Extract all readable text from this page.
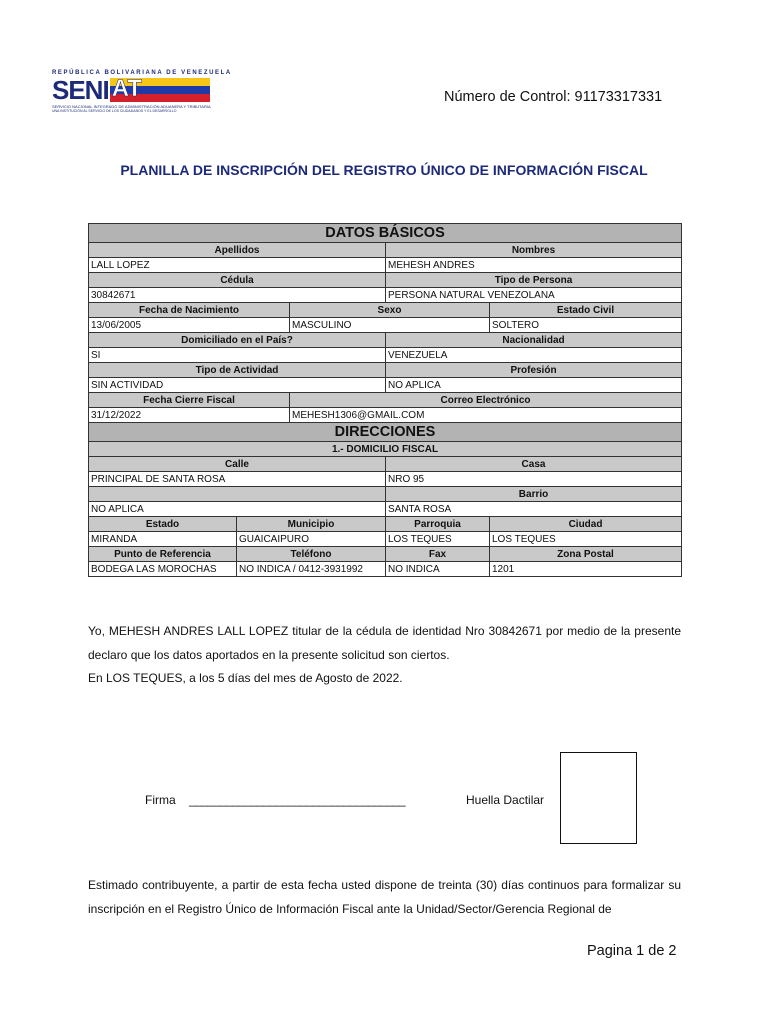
REPÚBLICA BOLIVARIANA DE VENEZUELA
SENI AT
SERVICIO NACIONAL INTEGRADO DE ADMINISTRACIÓN ADUANERA Y TRIBUTARIA
UNA INSTITUCIÓN AL SERVICIO DE LOS CIUDADANOS Y EL DESARROLLO
Número de Control: 91173317331
PLANILLA DE INSCRIPCIÓN DEL REGISTRO ÚNICO DE INFORMACIÓN FISCAL
DATOS BÁSICOS				
Apellidos			Nombres	
LALL LOPEZ			MEHESH ANDRES	
Cédula			Tipo de Persona	
30842671			PERSONA NATURAL VENEZOLANA	
Fecha de Nacimiento		Sexo		Estado Civil
13/06/2005		MASCULINO		SOLTERO
Domiciliado en el País?			Nacionalidad	
SI			VENEZUELA	
Tipo de Actividad			Profesión	
SIN ACTIVIDAD			NO APLICA	
Fecha Cierre Fiscal		Correo Electrónico		
31/12/2022		MEHESH1306@GMAIL.COM		
DIRECCIONES				
1.- DOMICILIO FISCAL				
Calle			Casa	
PRINCIPAL DE SANTA ROSA			NRO 95	
			Barrio	
NO APLICA			SANTA ROSA	
Estado	Municipio		Parroquia	Ciudad
MIRANDA	GUAICAIPURO		LOS TEQUES	LOS TEQUES
Punto de Referencia	Teléfono		Fax	Zona Postal
BODEGA LAS MOROCHAS	NO INDICA / 0412-3931992		NO INDICA	1201
Yo, MEHESH ANDRES LALL LOPEZ titular de la cédula de identidad Nro 30842671 por medio de la presente declaro que los datos aportados en la presente solicitud son ciertos.
En LOS TEQUES, a los 5 días del mes de Agosto de 2022.
Firma ___________________________________	Huella Dactilar
Estimado contribuyente, a partir de esta fecha usted dispone de treinta (30) días continuos para formalizar su inscripción en el Registro Único de Información Fiscal ante la Unidad/Sector/Gerencia Regional de
Pagina 1 de 2
